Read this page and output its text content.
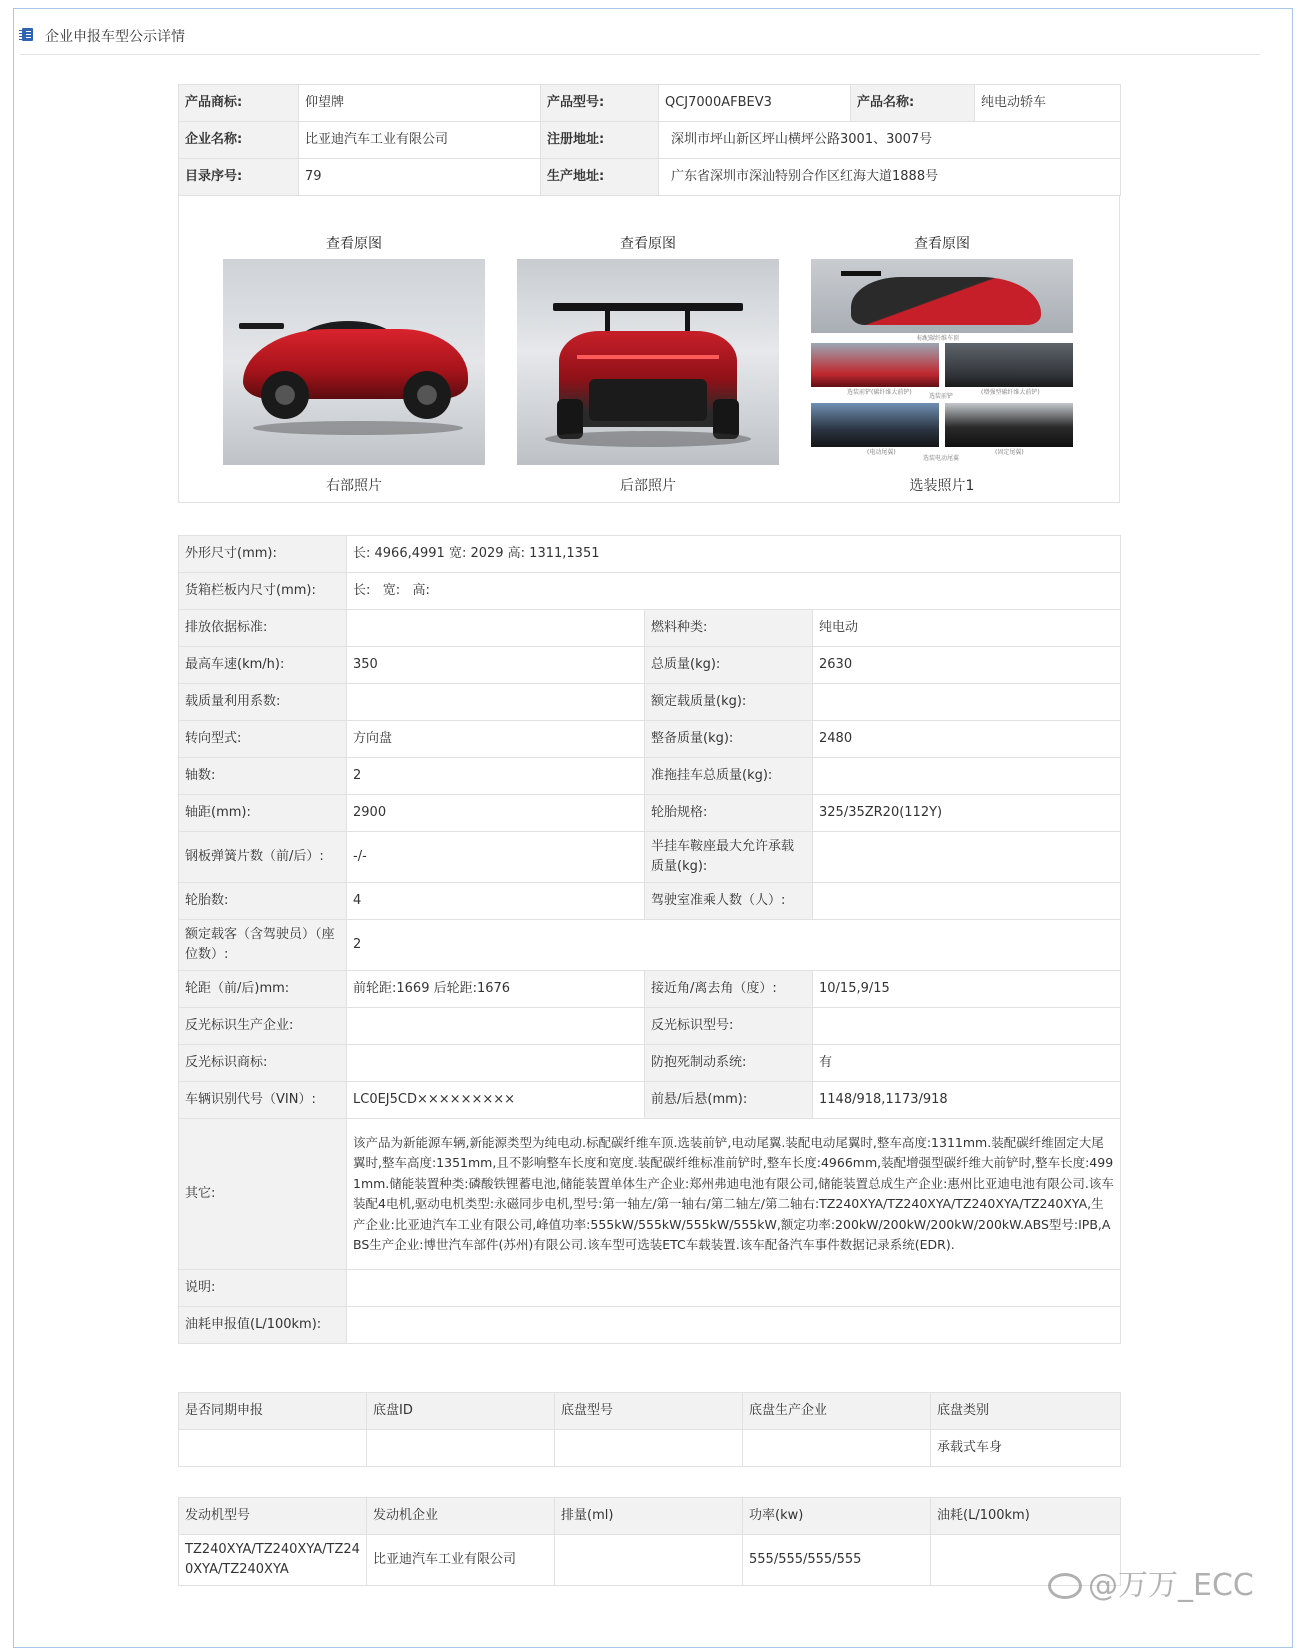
企业申报车型公示详情
产品商标:	仰望牌	产品型号:	QCJ7000AFBEV3	产品名称:	纯电动轿车
企业名称:	比亚迪汽车工业有限公司	注册地址:	深圳市坪山新区坪山横坪公路3001、3007号		
目录序号:	79	生产地址:	广东省深圳市深汕特别合作区红海大道1888号		
查看原图
右部照片
查看原图
后部照片
查看原图
标配碳纤维车顶
选装前铲(碳纤维大前铲)
选装前铲
(增强型碳纤维大前铲)
(电动尾翼)	(固定尾翼)
选装电动尾翼
选装照片1
外形尺寸(mm):	长: 4966,4991 宽: 2029 高: 1311,1351		
货箱栏板内尺寸(mm):	长:   宽:   高:		
排放依据标准:		燃料种类:	纯电动
最高车速(km/h):	350	总质量(kg):	2630
载质量利用系数:		额定载质量(kg):	
转向型式:	方向盘	整备质量(kg):	2480
轴数:	2	准拖挂车总质量(kg):	
轴距(mm):	2900	轮胎规格:	325/35ZR20(112Y)
钢板弹簧片数（前/后）:	-/-	半挂车鞍座最大允许承载质量(kg):	
轮胎数:	4	驾驶室准乘人数（人）:	
额定载客（含驾驶员）（座位数）:	2		
轮距（前/后)mm:	前轮距:1669 后轮距:1676	接近角/离去角（度）:	10/15,9/15
反光标识生产企业:		反光标识型号:	
反光标识商标:		防抱死制动系统:	有
车辆识别代号（VIN）:	LC0EJ5CD×××××××××	前悬/后悬(mm):	1148/918,1173/918
其它:	该产品为新能源车辆,新能源类型为纯电动.标配碳纤维车顶.选装前铲,电动尾翼.装配电动尾翼时,整车高度:1311mm.装配碳纤维固定大尾翼时,整车高度:1351mm,且不影响整车长度和宽度.装配碳纤维标准前铲时,整车长度:4966mm,装配增强型碳纤维大前铲时,整车长度:4991mm.储能装置种类:磷酸铁锂蓄电池,储能装置单体生产企业:郑州弗迪电池有限公司,储能装置总成生产企业:惠州比亚迪电池有限公司.该车装配4电机,驱动电机类型:永磁同步电机,型号:第一轴左/第一轴右/第二轴左/第二轴右:TZ240XYA/TZ240XYA/TZ240XYA/TZ240XYA,生产企业:比亚迪汽车工业有限公司,峰值功率:555kW/555kW/555kW/555kW,额定功率:200kW/200kW/200kW/200kW.ABS型号:IPB,ABS生产企业:博世汽车部件(苏州)有限公司.该车型可选装ETC车载装置.该车配备汽车事件数据记录系统(EDR).		
说明:			
油耗申报值(L/100km):			
是否同期申报	底盘ID	底盘型号	底盘生产企业	底盘类别
				承载式车身
发动机型号	发动机企业	排量(ml)	功率(kw)	油耗(L/100km)
TZ240XYA/TZ240XYA/TZ240XYA/TZ240XYA	比亚迪汽车工业有限公司		555/555/555/555	
@万万_ECC
